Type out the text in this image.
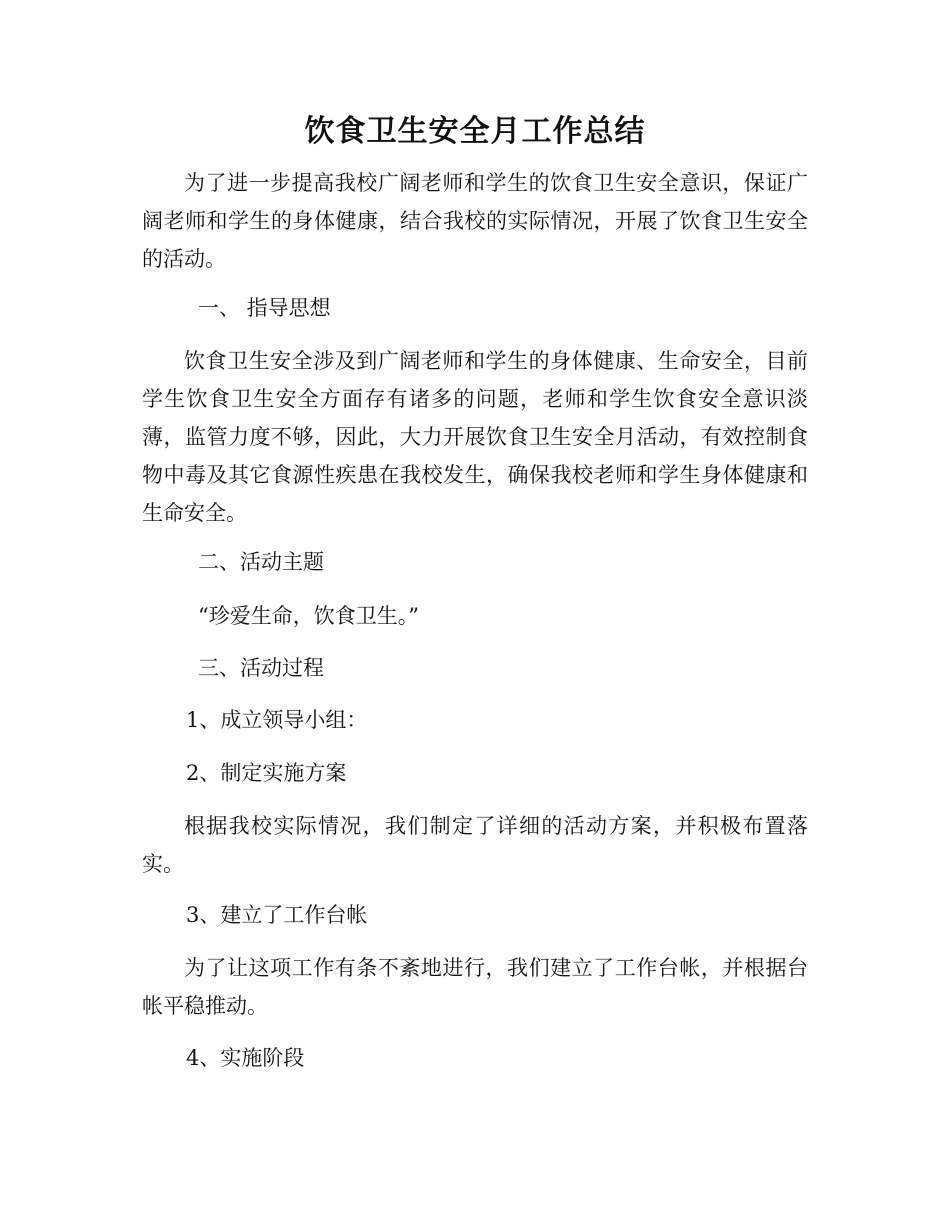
饮食卫生安全月工作总结

为了进一步提高我校广阔老师和学生的饮食卫生安全意识，保证广阔老师和学生的身体健康，结合我校的实际情况，开展了饮食卫生安全的活动。

一、 指导思想

饮食卫生安全涉及到广阔老师和学生的身体健康、生命安全，目前学生饮食卫生安全方面存有诸多的问题，老师和学生饮食安全意识淡薄，监管力度不够，因此，大力开展饮食卫生安全月活动，有效控制食物中毒及其它食源性疾患在我校发生，确保我校老师和学生身体健康和生命安全。

二、活动主题

“珍爱生命，饮食卫生。”

三、活动过程

1、成立领导小组：

2、制定实施方案

根据我校实际情况，我们制定了详细的活动方案，并积极布置落实。

3、建立了工作台帐

为了让这项工作有条不紊地进行，我们建立了工作台帐，并根据台帐平稳推动。

4、实施阶段
